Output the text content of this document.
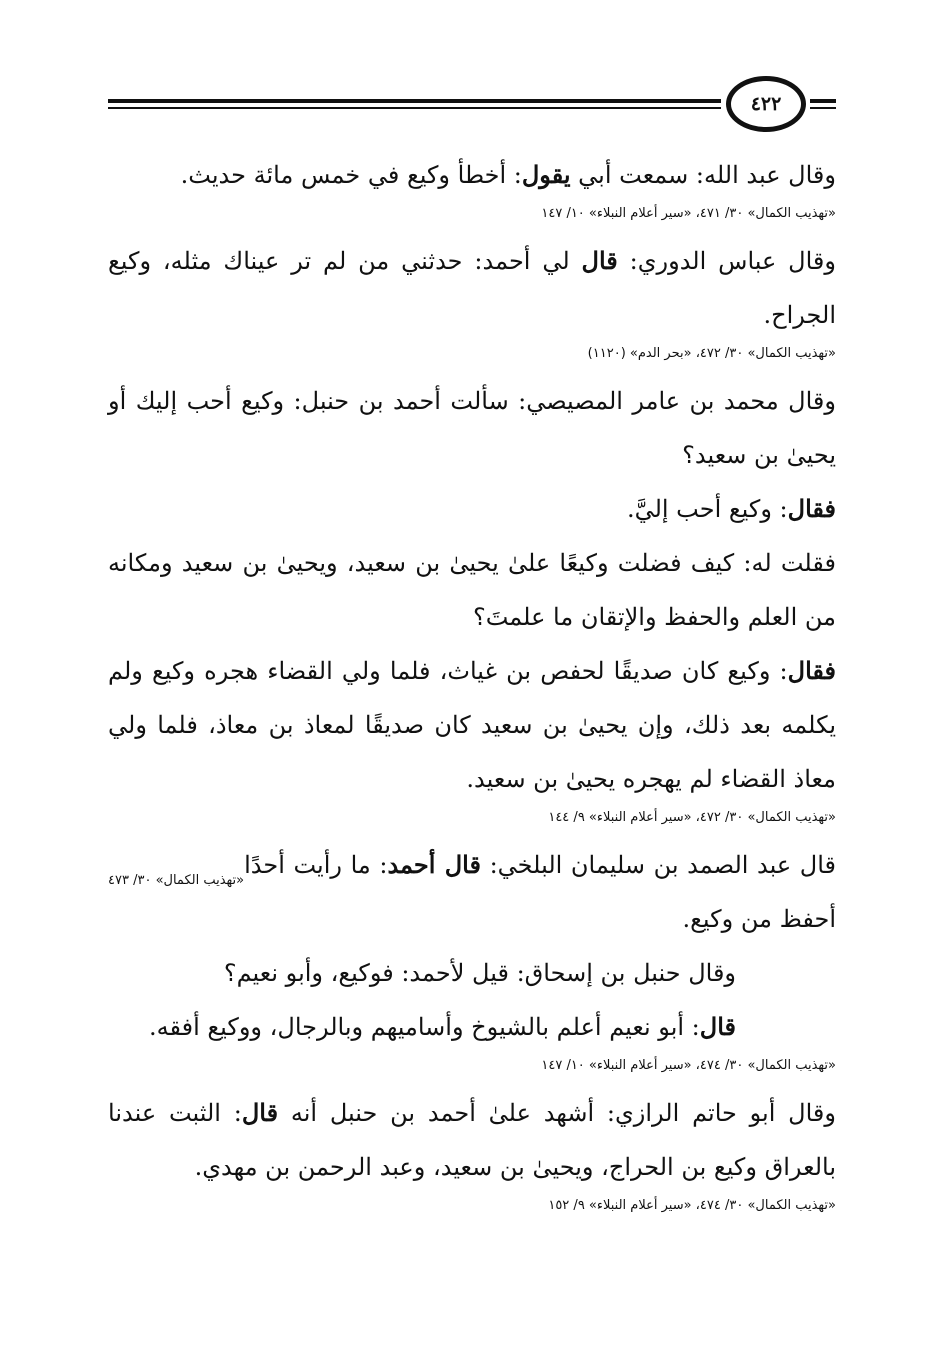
٤٢٢

وقال عبد الله: سمعت أبي يقول: أخطأ وكيع في خمس مائة حديث.

«تهذيب الكمال» ٣٠/ ٤٧١، «سير أعلام النبلاء» ١٠/ ١٤٧

وقال عباس الدوري: قال لي أحمد: حدثني من لم تر عيناك مثله، وكيع الجراح.

«تهذيب الكمال» ٣٠/ ٤٧٢، «بحر الدم» (١١٢٠)

وقال محمد بن عامر المصيصي: سألت أحمد بن حنبل: وكيع أحب إليك أو يحيىٰ بن سعيد؟

فقال: وكيع أحب إليَّ.

فقلت له: كيف فضلت وكيعًا علىٰ يحيىٰ بن سعيد، ويحيىٰ بن سعيد ومكانه من العلم والحفظ والإتقان ما علمتَ؟

فقال: وكيع كان صديقًا لحفص بن غياث، فلما ولي القضاء هجره وكيع ولم يكلمه بعد ذلك، وإن يحيىٰ بن سعيد كان صديقًا لمعاذ بن معاذ، فلما ولي معاذ القضاء لم يهجره يحيىٰ بن سعيد.

«تهذيب الكمال» ٣٠/ ٤٧٢، «سير أعلام النبلاء» ٩/ ١٤٤

«تهذيب الكمال» ٣٠/ ٤٧٣
قال عبد الصمد بن سليمان البلخي: قال أحمد: ما رأيت أحدًا أحفظ من وكيع.

وقال حنبل بن إسحاق: قيل لأحمد: فوكيع، وأبو نعيم؟

قال: أبو نعيم أعلم بالشيوخ وأساميهم وبالرجال، ووكيع أفقه.

«تهذيب الكمال» ٣٠/ ٤٧٤، «سير أعلام النبلاء» ١٠/ ١٤٧

وقال أبو حاتم الرازي: أشهد علىٰ أحمد بن حنبل أنه قال: الثبت عندنا بالعراق وكيع بن الحراج، ويحيىٰ بن سعيد، وعبد الرحمن بن مهدي.

«تهذيب الكمال» ٣٠/ ٤٧٤، «سير أعلام النبلاء» ٩/ ١٥٢
